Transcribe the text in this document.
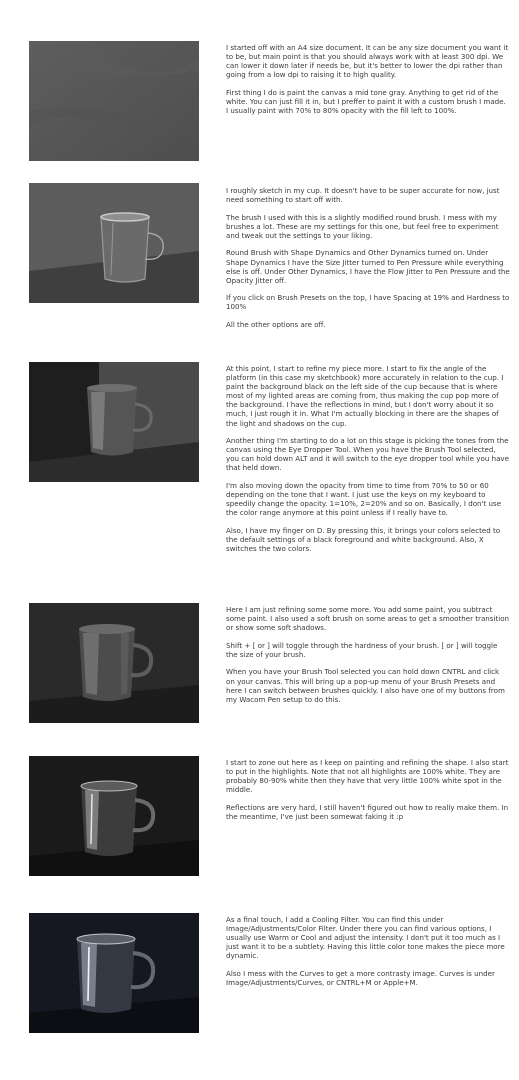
I started off with an A4 size document. It can be any size document you want it to be, but main point is that you should always work with at least 300 dpi. We can lower it down later if needs be, but it's better to lower the dpi rather than going from a low dpi to raising it to high quality.

First thing I do is paint the canvas a mid tone gray. Anything to get rid of the white. You can just fill it in, but I preffer to paint it with a custom brush I made. I usually paint with 70% to 80% opacity with the fill left to 100%.

I roughly sketch in my cup. It doesn't have to be super accurate for now, just need something to start off with.

The brush I used with this is a slightly modified round brush. I mess with my brushes a lot. These are my settings for this one, but feel free to experiment and tweak out the settings to your liking.

Round Brush with Shape Dynamics and Other Dynamics turned on. Under Shape Dynamics I have the Size Jitter turned to Pen Pressure while everything else is off. Under Other Dynamics, I have the Flow Jitter to Pen Pressure and the Opacity Jitter off.

If you click on Brush Presets on the top, I have Spacing at 19% and Hardness to 100%

All the other options are off.

At this point, I start to refine my piece more. I start to fix the angle of the platform (in this case my sketchbook) more accurately in relation to the cup. I paint the background black on the left side of the cup because that is where most of my lighted areas are coming from, thus making the cup pop more of the background. I have the reflections in mind, but I don't worry about it so much, I just rough it in. What I'm actually blocking in there are the shapes of the light and shadows on the cup.

Another thing I'm starting to do a lot on this stage is picking the tones from the canvas using the Eye Dropper Tool. When you have the Brush Tool selected, you can hold down ALT and it will switch to the eye dropper tool while you have that held down.

I'm also moving down the opacity from time to time from 70% to 50 or 60 depending on the tone that I want. I just use the keys on my keyboard to speedily change the opacity. 1=10%, 2=20% and so on. Basically, I don't use the color range anymore at this point unless if I really have to.

Also, I have my finger on D. By pressing this, it brings your colors selected to the default settings of a black foreground and white background. Also, X switches the two colors.

Here I am just refining some some more. You add some paint, you subtract some paint. I also used a soft brush on some areas to get a smoother transition or show some soft shadows.

Shift + [ or ] will toggle through the hardness of your brush. [ or ] will toggle the size of your brush.

When you have your Brush Tool selected you can hold down CNTRL and click on your canvas. This will bring up a pop-up menu of your Brush Presets and here I can switch between brushes quickly. I also have one of my buttons from my Wacom Pen setup to do this.

I start to zone out here as I keep on painting and refining the shape. I also start to put in the highlights. Note that not all highlights are 100% white. They are probably 80-90% white then they have that very little 100% white spot in the middle.

Reflections are very hard, I still haven't figured out how to really make them. In the meantime, I've just been somewat faking it :p

As a final touch, I add a Cooling Filter. You can find this under Image/Adjustments/Color Filter. Under there you can find various options, I usually use Warm or Cool and adjust the intensity. I don't put it too much as I just want it to be a subtlety. Having this little color tone makes the piece more dynamic.

Also I mess with the Curves to get a more contrasty image. Curves is under Image/Adjustments/Curves, or CNTRL+M or Apple+M.
